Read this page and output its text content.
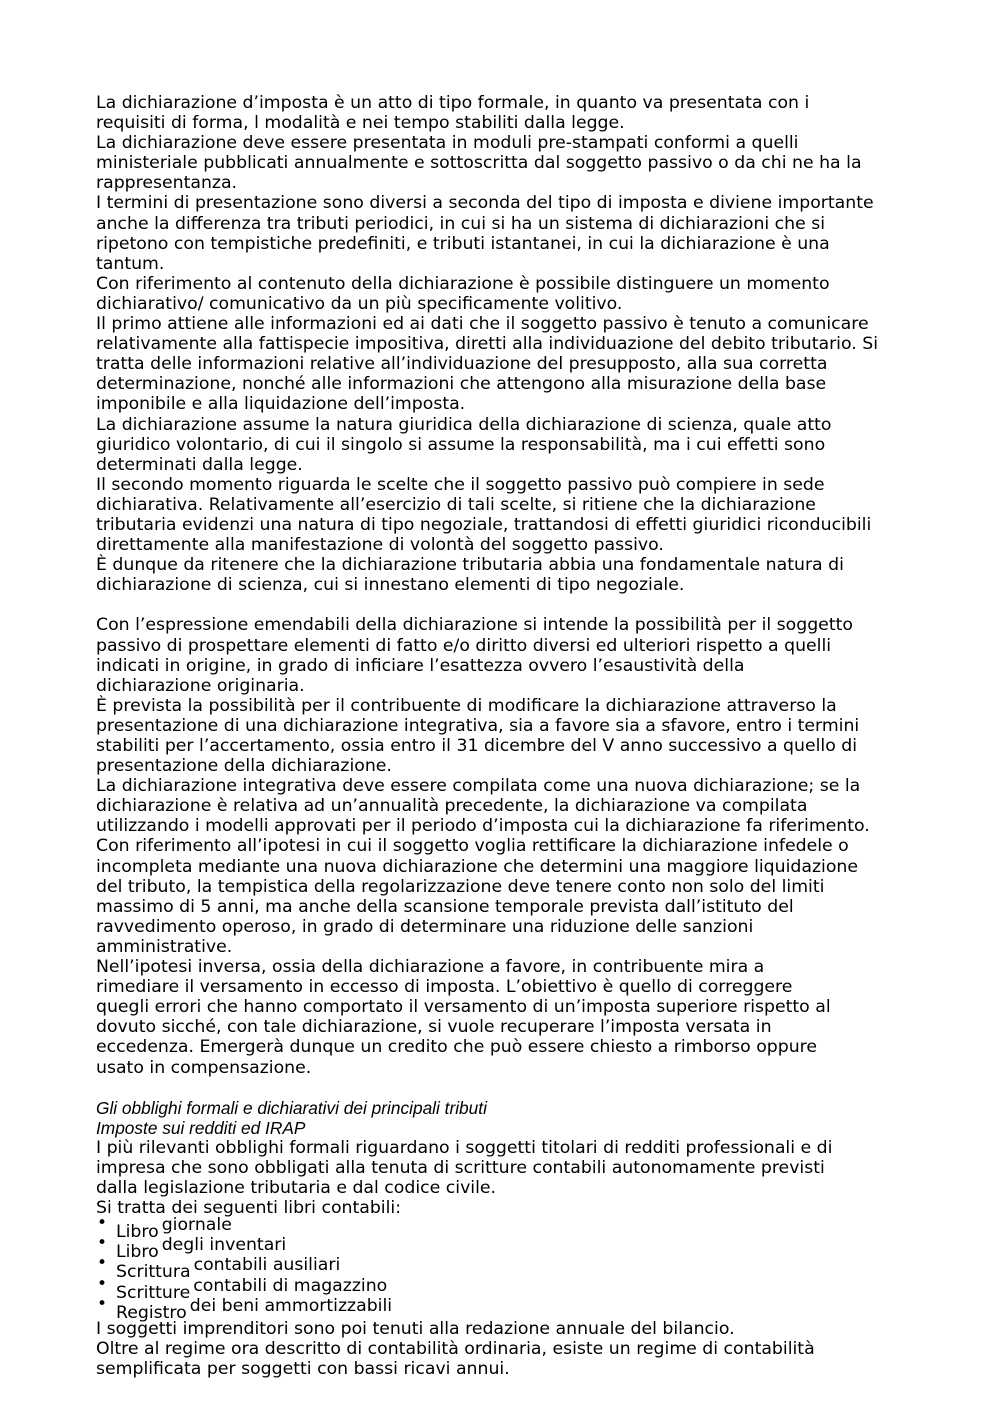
La dichiarazione d’imposta è un atto di tipo formale, in quanto va presentata con i
requisiti di forma, l modalità e nei tempo stabiliti dalla legge.
La dichiarazione deve essere presentata in moduli pre-stampati conformi a quelli
ministeriale pubblicati annualmente e sottoscritta dal soggetto passivo o da chi ne ha la
rappresentanza.
I termini di presentazione sono diversi a seconda del tipo di imposta e diviene importante
anche la differenza tra tributi periodici, in cui si ha un sistema di dichiarazioni che si
ripetono con tempistiche predefiniti, e tributi istantanei, in cui la dichiarazione è una
tantum.
Con riferimento al contenuto della dichiarazione è possibile distinguere un momento
dichiarativo/ comunicativo da un più specificamente volitivo.
Il primo attiene alle informazioni ed ai dati che il soggetto passivo è tenuto a comunicare
relativamente alla fattispecie impositiva, diretti alla individuazione del debito tributario. Si
tratta delle informazioni relative all’individuazione del presupposto, alla sua corretta
determinazione, nonché alle informazioni che attengono alla misurazione della base
imponibile e alla liquidazione dell’imposta.
La dichiarazione assume la natura giuridica della dichiarazione di scienza, quale atto
giuridico volontario, di cui il singolo si assume la responsabilità, ma i cui effetti sono
determinati dalla legge.
Il secondo momento riguarda le scelte che il soggetto passivo può compiere in sede
dichiarativa. Relativamente all’esercizio di tali scelte, si ritiene che la dichiarazione
tributaria evidenzi una natura di tipo negoziale, trattandosi di effetti giuridici riconducibili
direttamente alla manifestazione di volontà del soggetto passivo.
È dunque da ritenere che la dichiarazione tributaria abbia una fondamentale natura di
dichiarazione di scienza, cui si innestano elementi di tipo negoziale.
Con l’espressione emendabili della dichiarazione si intende la possibilità per il soggetto
passivo di prospettare elementi di fatto e/o diritto diversi ed ulteriori rispetto a quelli
indicati in origine, in grado di inficiare l’esattezza ovvero l’esaustività della
dichiarazione originaria.
È prevista la possibilità per il contribuente di modificare la dichiarazione attraverso la
presentazione di una dichiarazione integrativa, sia a favore sia a sfavore, entro i termini
stabiliti per l’accertamento, ossia entro il 31 dicembre del V anno successivo a quello di
presentazione della dichiarazione.
La dichiarazione integrativa deve essere compilata come una nuova dichiarazione; se la
dichiarazione è relativa ad un’annualità precedente, la dichiarazione va compilata
utilizzando i modelli approvati per il periodo d’imposta cui la dichiarazione fa riferimento.
Con riferimento all’ipotesi in cui il soggetto voglia rettificare la dichiarazione infedele o
incompleta mediante una nuova dichiarazione che determini una maggiore liquidazione
del tributo, la tempistica della regolarizzazione deve tenere conto non solo del limiti
massimo di 5 anni, ma anche della scansione temporale prevista dall’istituto del
ravvedimento operoso, in grado di determinare una riduzione delle sanzioni
amministrative.
Nell’ipotesi inversa, ossia della dichiarazione a favore, in contribuente mira a
rimediare il versamento in eccesso di imposta. L’obiettivo è quello di correggere
quegli errori che hanno comportato il versamento di un’imposta superiore rispetto al
dovuto sicché, con tale dichiarazione, si vuole recuperare l’imposta versata in
eccedenza. Emergerà dunque un credito che può essere chiesto a rimborso oppure
usato in compensazione.
Gli obblighi formali e dichiarativi dei principali tributi
Imposte sui redditi ed IRAP
I più rilevanti obblighi formali riguardano i soggetti titolari di redditi professionali e di
impresa che sono obbligati alla tenuta di scritture contabili autonomamente previsti
dalla legislazione tributaria e dal codice civile.
Si tratta dei seguenti libri contabili:
• Libro giornale
• Libro degli inventari
• Scrittura contabili ausiliari
• Scritture contabili di magazzino
• Registro dei beni ammortizzabili
I soggetti imprenditori sono poi tenuti alla redazione annuale del bilancio.
Oltre al regime ora descritto di contabilità ordinaria, esiste un regime di contabilità
semplificata per soggetti con bassi ricavi annui.
